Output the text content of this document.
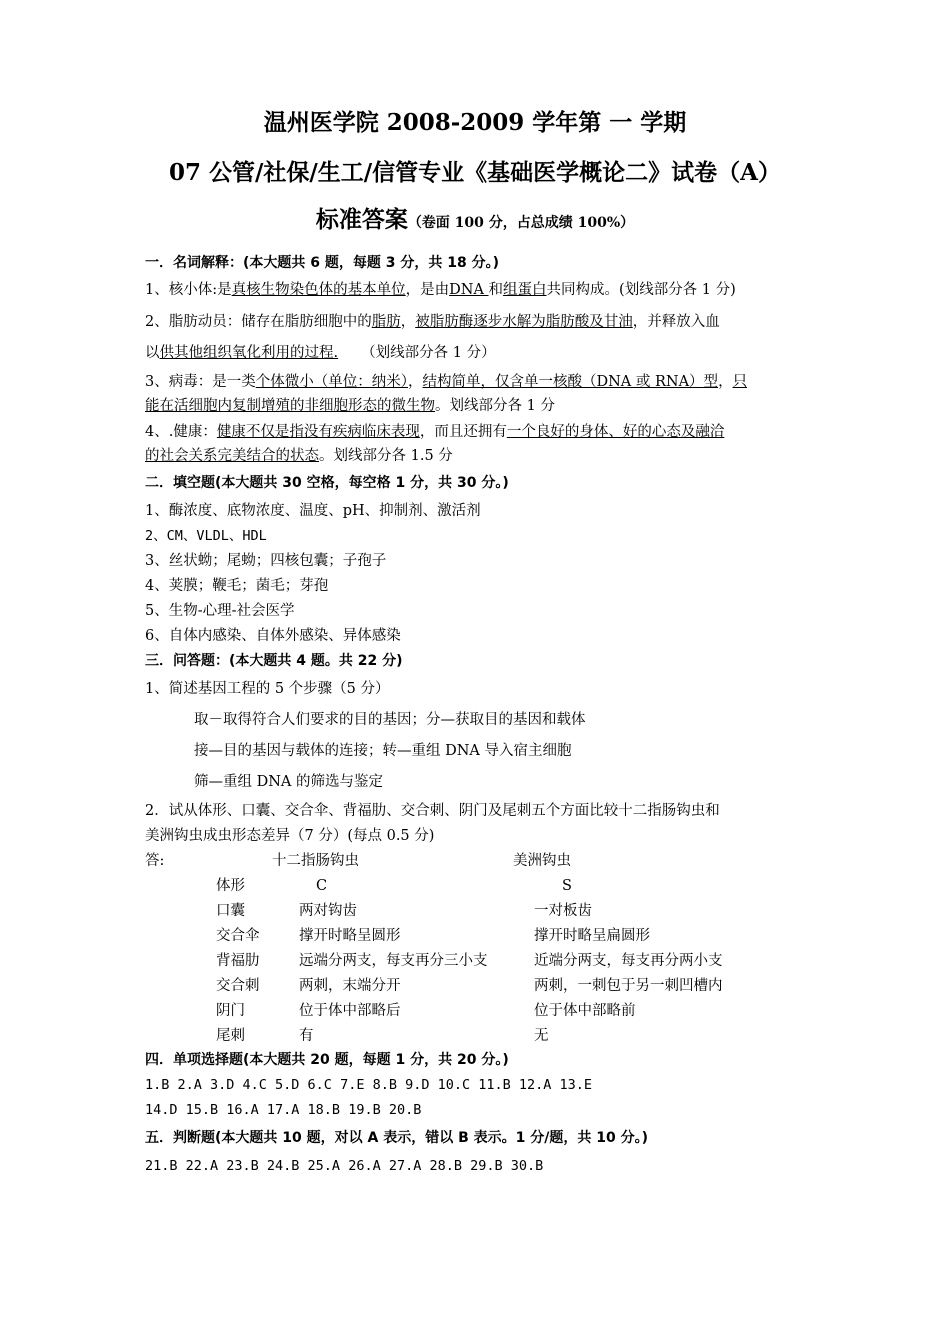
温州医学院 2008-2009 学年第 一 学期
07 公管/社保/生工/信管专业《基础医学概论二》试卷（A）
标准答案（卷面 100 分，占总成绩 100%）
一．名词解释：(本大题共 6 题，每题 3 分，共 18 分。)
1、核小体:是真核生物染色体的基本单位，是由DNA 和组蛋白共同构成。(划线部分各 1 分)
2、脂肪动员：储存在脂肪细胞中的脂肪，被脂肪酶逐步水解为脂肪酸及甘油，并释放入血
以供其他组织氧化利用的过程.     （划线部分各 1 分）
3、病毒：是一类个体微小（单位：纳米），结构简单，仅含单一核酸（DNA 或 RNA）型，只
能在活细胞内复制增殖的非细胞形态的微生物。划线部分各 1 分
4、.健康：健康不仅是指没有疾病临床表现，而且还拥有一个良好的身体、好的心态及融洽
的社会关系完美结合的状态。划线部分各 1.5 分
二．填空题(本大题共 30 空格，每空格 1 分，共 30 分。)
1、酶浓度、底物浓度、温度、pH、抑制剂、激活剂
2、CM、VLDL、HDL
3、丝状蚴；尾蚴；四核包囊；子孢子
4、荚膜；鞭毛；菌毛；芽孢
5、生物-心理-社会医学
6、自体内感染、自体外感染、异体感染
三．问答题：(本大题共 4 题。共 22 分)
1、简述基因工程的 5 个步骤（5 分）
取－取得符合人们要求的目的基因；分—获取目的基因和载体
接—目的基因与载体的连接；转—重组 DNA 导入宿主细胞
筛—重组 DNA 的筛选与鉴定
2．试从体形、口囊、交合伞、背福肋、交合刺、阴门及尾刺五个方面比较十二指肠钩虫和
美洲钩虫成虫形态差异（7 分）(每点 0.5 分)
答:	十二指肠钩虫	美洲钩虫
体形	C	S
口囊	两对钩齿	一对板齿
交合伞	撑开时略呈圆形	撑开时略呈扁圆形
背福肋	远端分两支，每支再分三小支	近端分两支，每支再分两小支
交合刺	两刺，末端分开	两刺，一刺包于另一刺凹槽内
阴门	位于体中部略后	位于体中部略前
尾刺	有	无
四．单项选择题(本大题共 20 题，每题 1 分，共 20 分。)
1.B 2.A 3.D 4.C 5.D 6.C 7.E 8.B 9.D 10.C 11.B 12.A 13.E
14.D 15.B 16.A 17.A 18.B 19.B 20.B
五．判断题(本大题共 10 题，对以 A 表示，错以 B 表示。1 分/题，共 10 分。)
21.B 22.A 23.B 24.B 25.A 26.A 27.A 28.B 29.B 30.B
